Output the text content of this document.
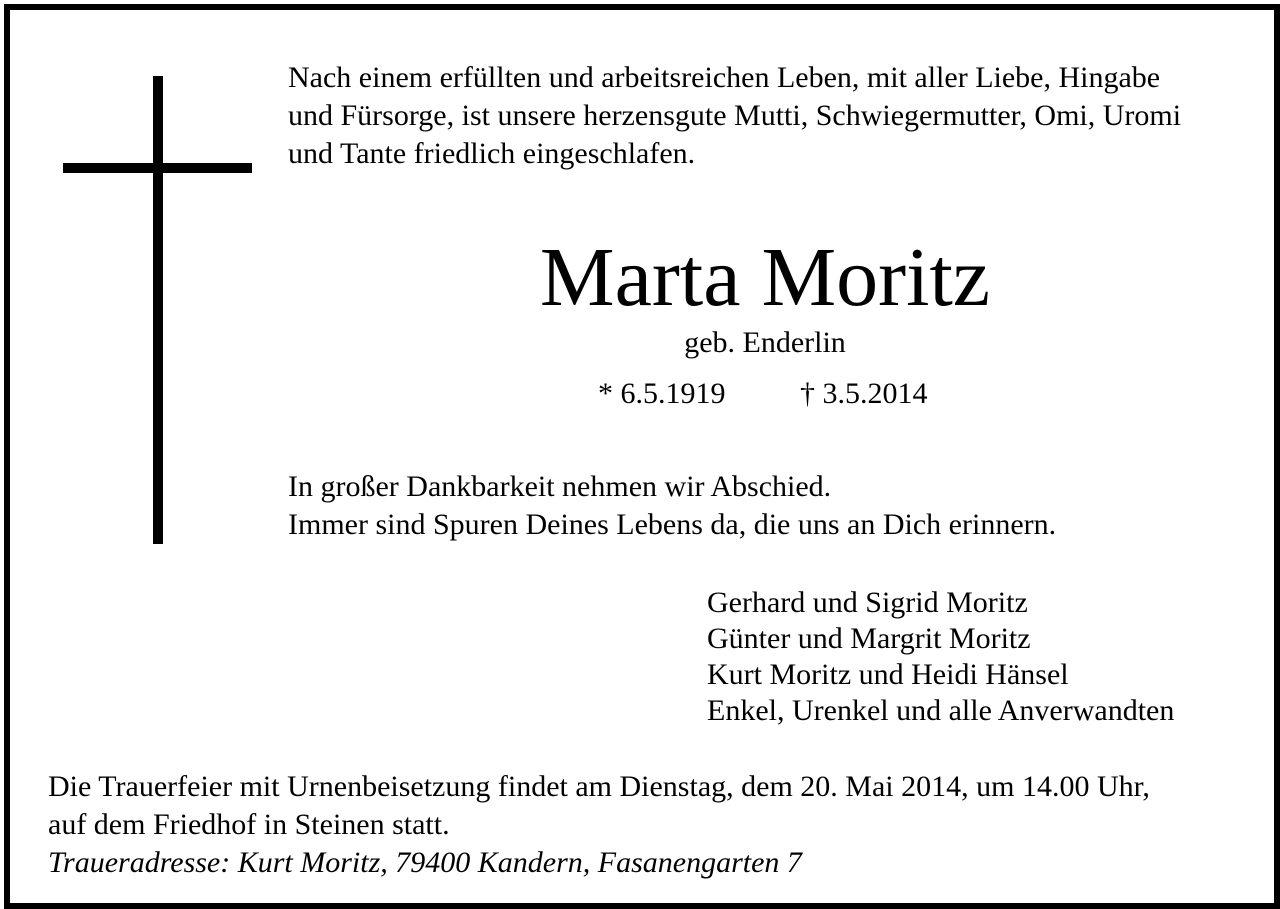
Nach einem erfüllten und arbeitsreichen Leben, mit aller Liebe, Hingabe
und Fürsorge, ist unsere herzensgute Mutti, Schwiegermutter, Omi, Uromi
und Tante friedlich eingeschlafen.
Marta Moritz
geb. Enderlin
* 6.5.1919 † 3.5.2014
In großer Dankbarkeit nehmen wir Abschied.
Immer sind Spuren Deines Lebens da, die uns an Dich erinnern.
Gerhard und Sigrid Moritz
Günter und Margrit Moritz
Kurt Moritz und Heidi Hänsel
Enkel, Urenkel und alle Anverwandten
Die Trauerfeier mit Urnenbeisetzung findet am Dienstag, dem 20. Mai 2014, um 14.00 Uhr,
auf dem Friedhof in Steinen statt.
Traueradresse: Kurt Moritz, 79400 Kandern, Fasanengarten 7
